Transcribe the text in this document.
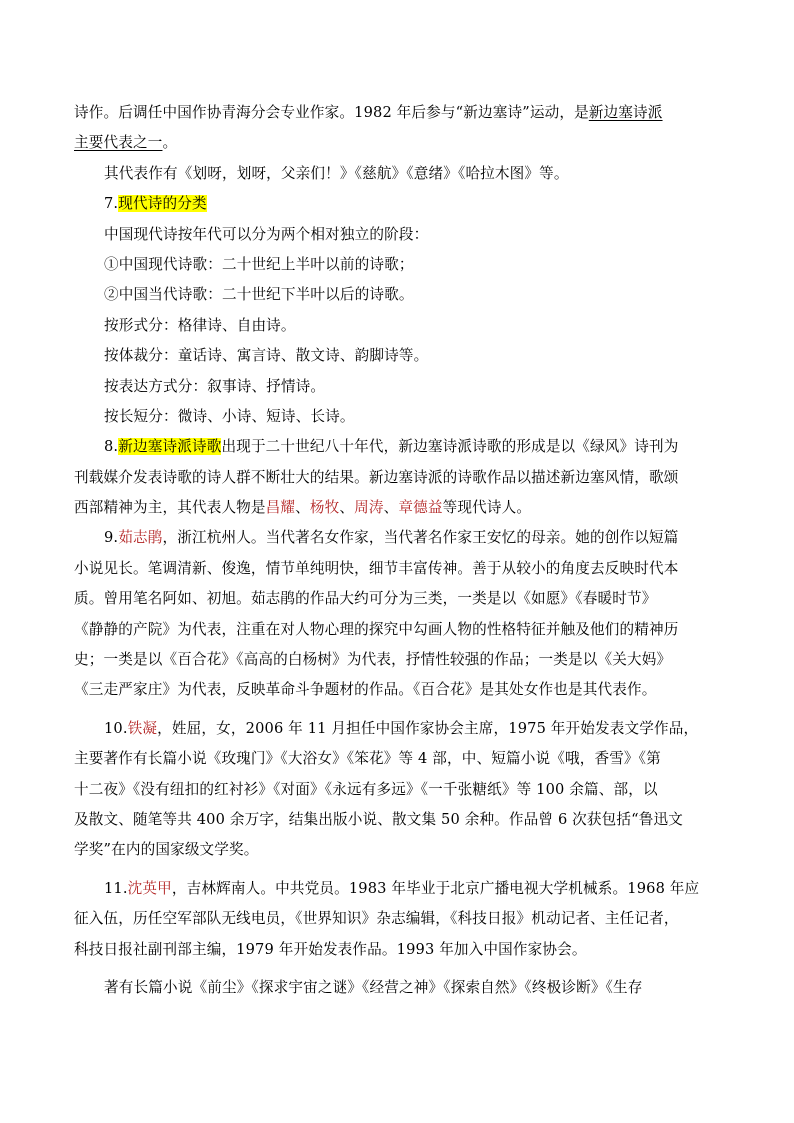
诗作。后调任中国作协青海分会专业作家。1982 年后参与“新边塞诗”运动，是新边塞诗派
主要代表之一。
其代表作有《划呀，划呀，父亲们！》《慈航》《意绪》《哈拉木图》等。
7.现代诗的分类
中国现代诗按年代可以分为两个相对独立的阶段：
①中国现代诗歌：二十世纪上半叶以前的诗歌；
②中国当代诗歌：二十世纪下半叶以后的诗歌。
按形式分：格律诗、自由诗。
按体裁分：童话诗、寓言诗、散文诗、韵脚诗等。
按表达方式分：叙事诗、抒情诗。
按长短分：微诗、小诗、短诗、长诗。
8.新边塞诗派诗歌出现于二十世纪八十年代，新边塞诗派诗歌的形成是以《绿风》诗刊为
刊载媒介发表诗歌的诗人群不断壮大的结果。新边塞诗派的诗歌作品以描述新边塞风情，歌颂
西部精神为主，其代表人物是昌耀、杨牧、周涛、章德益等现代诗人。
9.茹志鹃，浙江杭州人。当代著名女作家，当代著名作家王安忆的母亲。她的创作以短篇
小说见长。笔调清新、俊逸，情节单纯明快，细节丰富传神。善于从较小的角度去反映时代本
质。曾用笔名阿如、初旭。茹志鹃的作品大约可分为三类，一类是以《如愿》《春暖时节》
《静静的产院》为代表，注重在对人物心理的探究中勾画人物的性格特征并触及他们的精神历
史；一类是以《百合花》《高高的白杨树》为代表，抒情性较强的作品；一类是以《关大妈》
《三走严家庄》为代表，反映革命斗争题材的作品。《百合花》是其处女作也是其代表作。
10.铁凝，姓屈，女，2006 年 11 月担任中国作家协会主席，1975 年开始发表文学作品，
主要著作有长篇小说《玫瑰门》《大浴女》《笨花》等 4 部，中、短篇小说《哦，香雪》《第
十二夜》《没有纽扣的红衬衫》《对面》《永远有多远》《一千张糖纸》等 100 余篇、部，以
及散文、随笔等共 400 余万字，结集出版小说、散文集 50 余种。作品曾 6 次获包括“鲁迅文
学奖”在内的国家级文学奖。
11.沈英甲，吉林辉南人。中共党员。1983 年毕业于北京广播电视大学机械系。1968 年应
征入伍，历任空军部队无线电员，《世界知识》杂志编辑，《科技日报》机动记者、主任记者，
科技日报社副刊部主编，1979 年开始发表作品。1993 年加入中国作家协会。
著有长篇小说《前尘》《探求宇宙之谜》《经营之神》《探索自然》《终极诊断》《生存
